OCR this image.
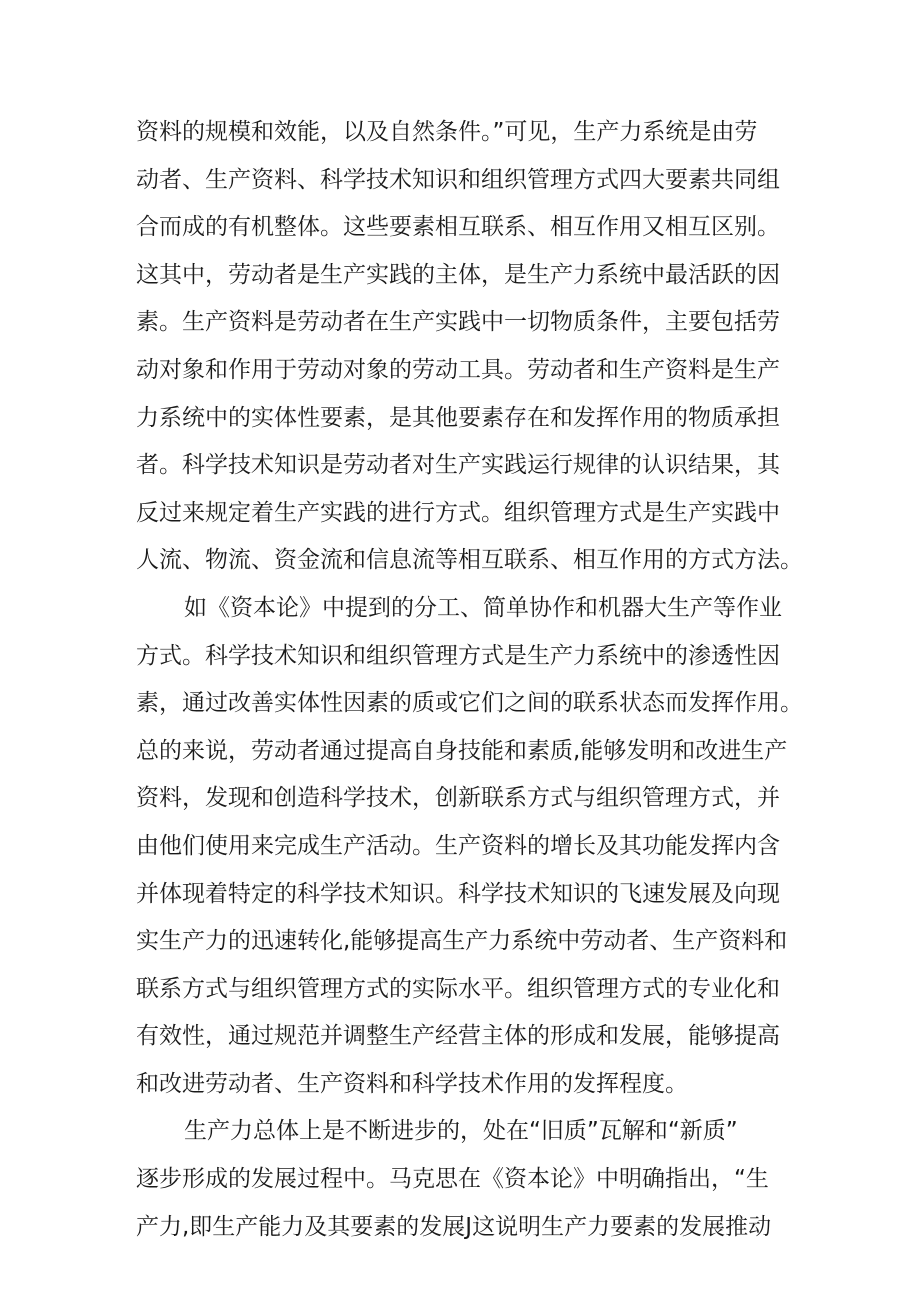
资料的规模和效能，以及自然条件。”可见，生产力系统是由劳
动者、生产资料、科学技术知识和组织管理方式四大要素共同组
合而成的有机整体。这些要素相互联系、相互作用又相互区别。
这其中，劳动者是生产实践的主体，是生产力系统中最活跃的因
素。生产资料是劳动者在生产实践中一切物质条件，主要包括劳
动对象和作用于劳动对象的劳动工具。劳动者和生产资料是生产
力系统中的实体性要素，是其他要素存在和发挥作用的物质承担
者。科学技术知识是劳动者对生产实践运行规律的认识结果，其
反过来规定着生产实践的进行方式。组织管理方式是生产实践中
人流、物流、资金流和信息流等相互联系、相互作用的方式方法。
如《资本论》中提到的分工、简单协作和机器大生产等作业
方式。科学技术知识和组织管理方式是生产力系统中的渗透性因
素，通过改善实体性因素的质或它们之间的联系状态而发挥作用。
总的来说，劳动者通过提高自身技能和素质,能够发明和改进生产
资料，发现和创造科学技术，创新联系方式与组织管理方式，并
由他们使用来完成生产活动。生产资料的增长及其功能发挥内含
并体现着特定的科学技术知识。科学技术知识的飞速发展及向现
实生产力的迅速转化,能够提高生产力系统中劳动者、生产资料和
联系方式与组织管理方式的实际水平。组织管理方式的专业化和
有效性，通过规范并调整生产经营主体的形成和发展，能够提高
和改进劳动者、生产资料和科学技术作用的发挥程度。
生产力总体上是不断进步的，处在“旧质”瓦解和“新质”
逐步形成的发展过程中。马克思在《资本论》中明确指出，“生
产力,即生产能力及其要素的发展J这说明生产力要素的发展推动
